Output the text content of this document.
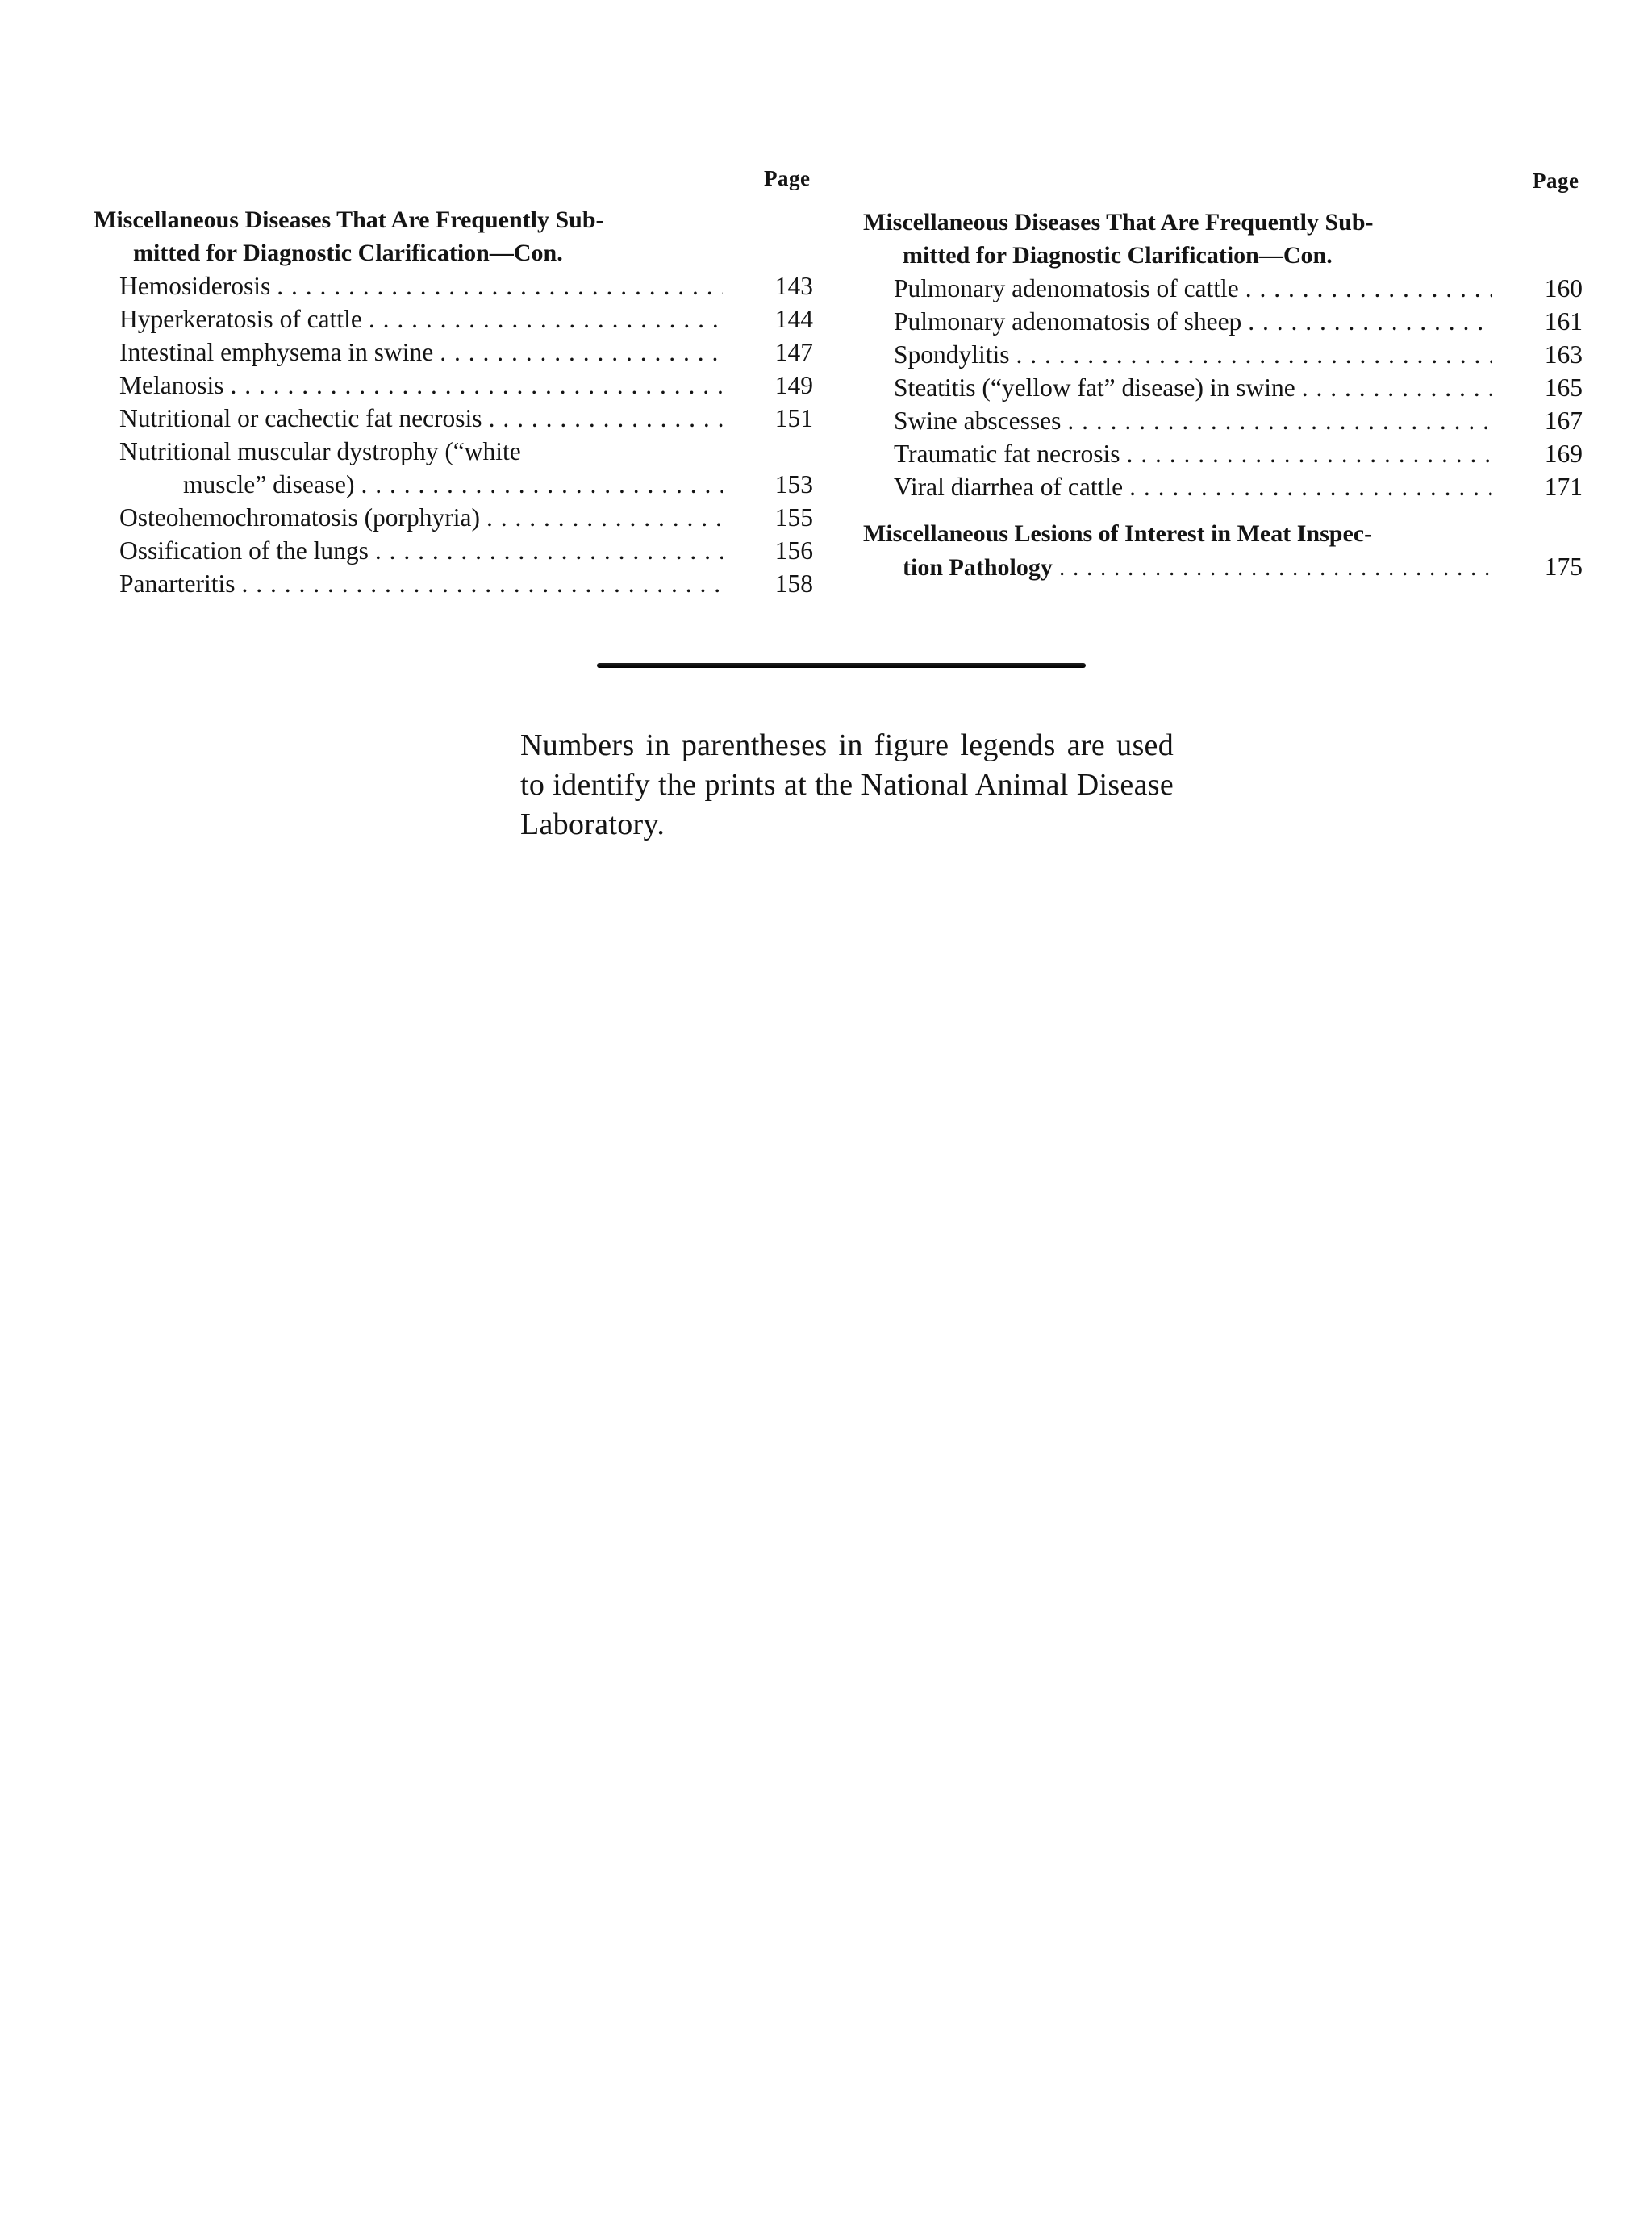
Page	Page
Miscellaneous Diseases That Are Frequently Sub-
mitted for Diagnostic Clarification—Con.
Hemosiderosis . . .	143
Hyperkeratosis of cattle . . .	144
Intestinal emphysema in swine . . .	147
Melanosis . . .	149
Nutritional or cachectic fat necrosis . . .	151
Nutritional muscular dystrophy (“white
muscle” disease) . . .	153
Osteohemochromatosis (porphyria) . . .	155
Ossification of the lungs . . .	156
Panarteritis . . .	158
Miscellaneous Diseases That Are Frequently Sub-
mitted for Diagnostic Clarification—Con.
Pulmonary adenomatosis of cattle . . .	160
Pulmonary adenomatosis of sheep . . .	161
Spondylitis . . .	163
Steatitis (“yellow fat” disease) in swine . . .	165
Swine abscesses . . .	167
Traumatic fat necrosis . . .	169
Viral diarrhea of cattle . . .	171
Miscellaneous Lesions of Interest in Meat Inspec-
tion Pathology . . .	175
Numbers in parentheses in figure legends are used to identify the prints at the National Animal Disease Laboratory.
